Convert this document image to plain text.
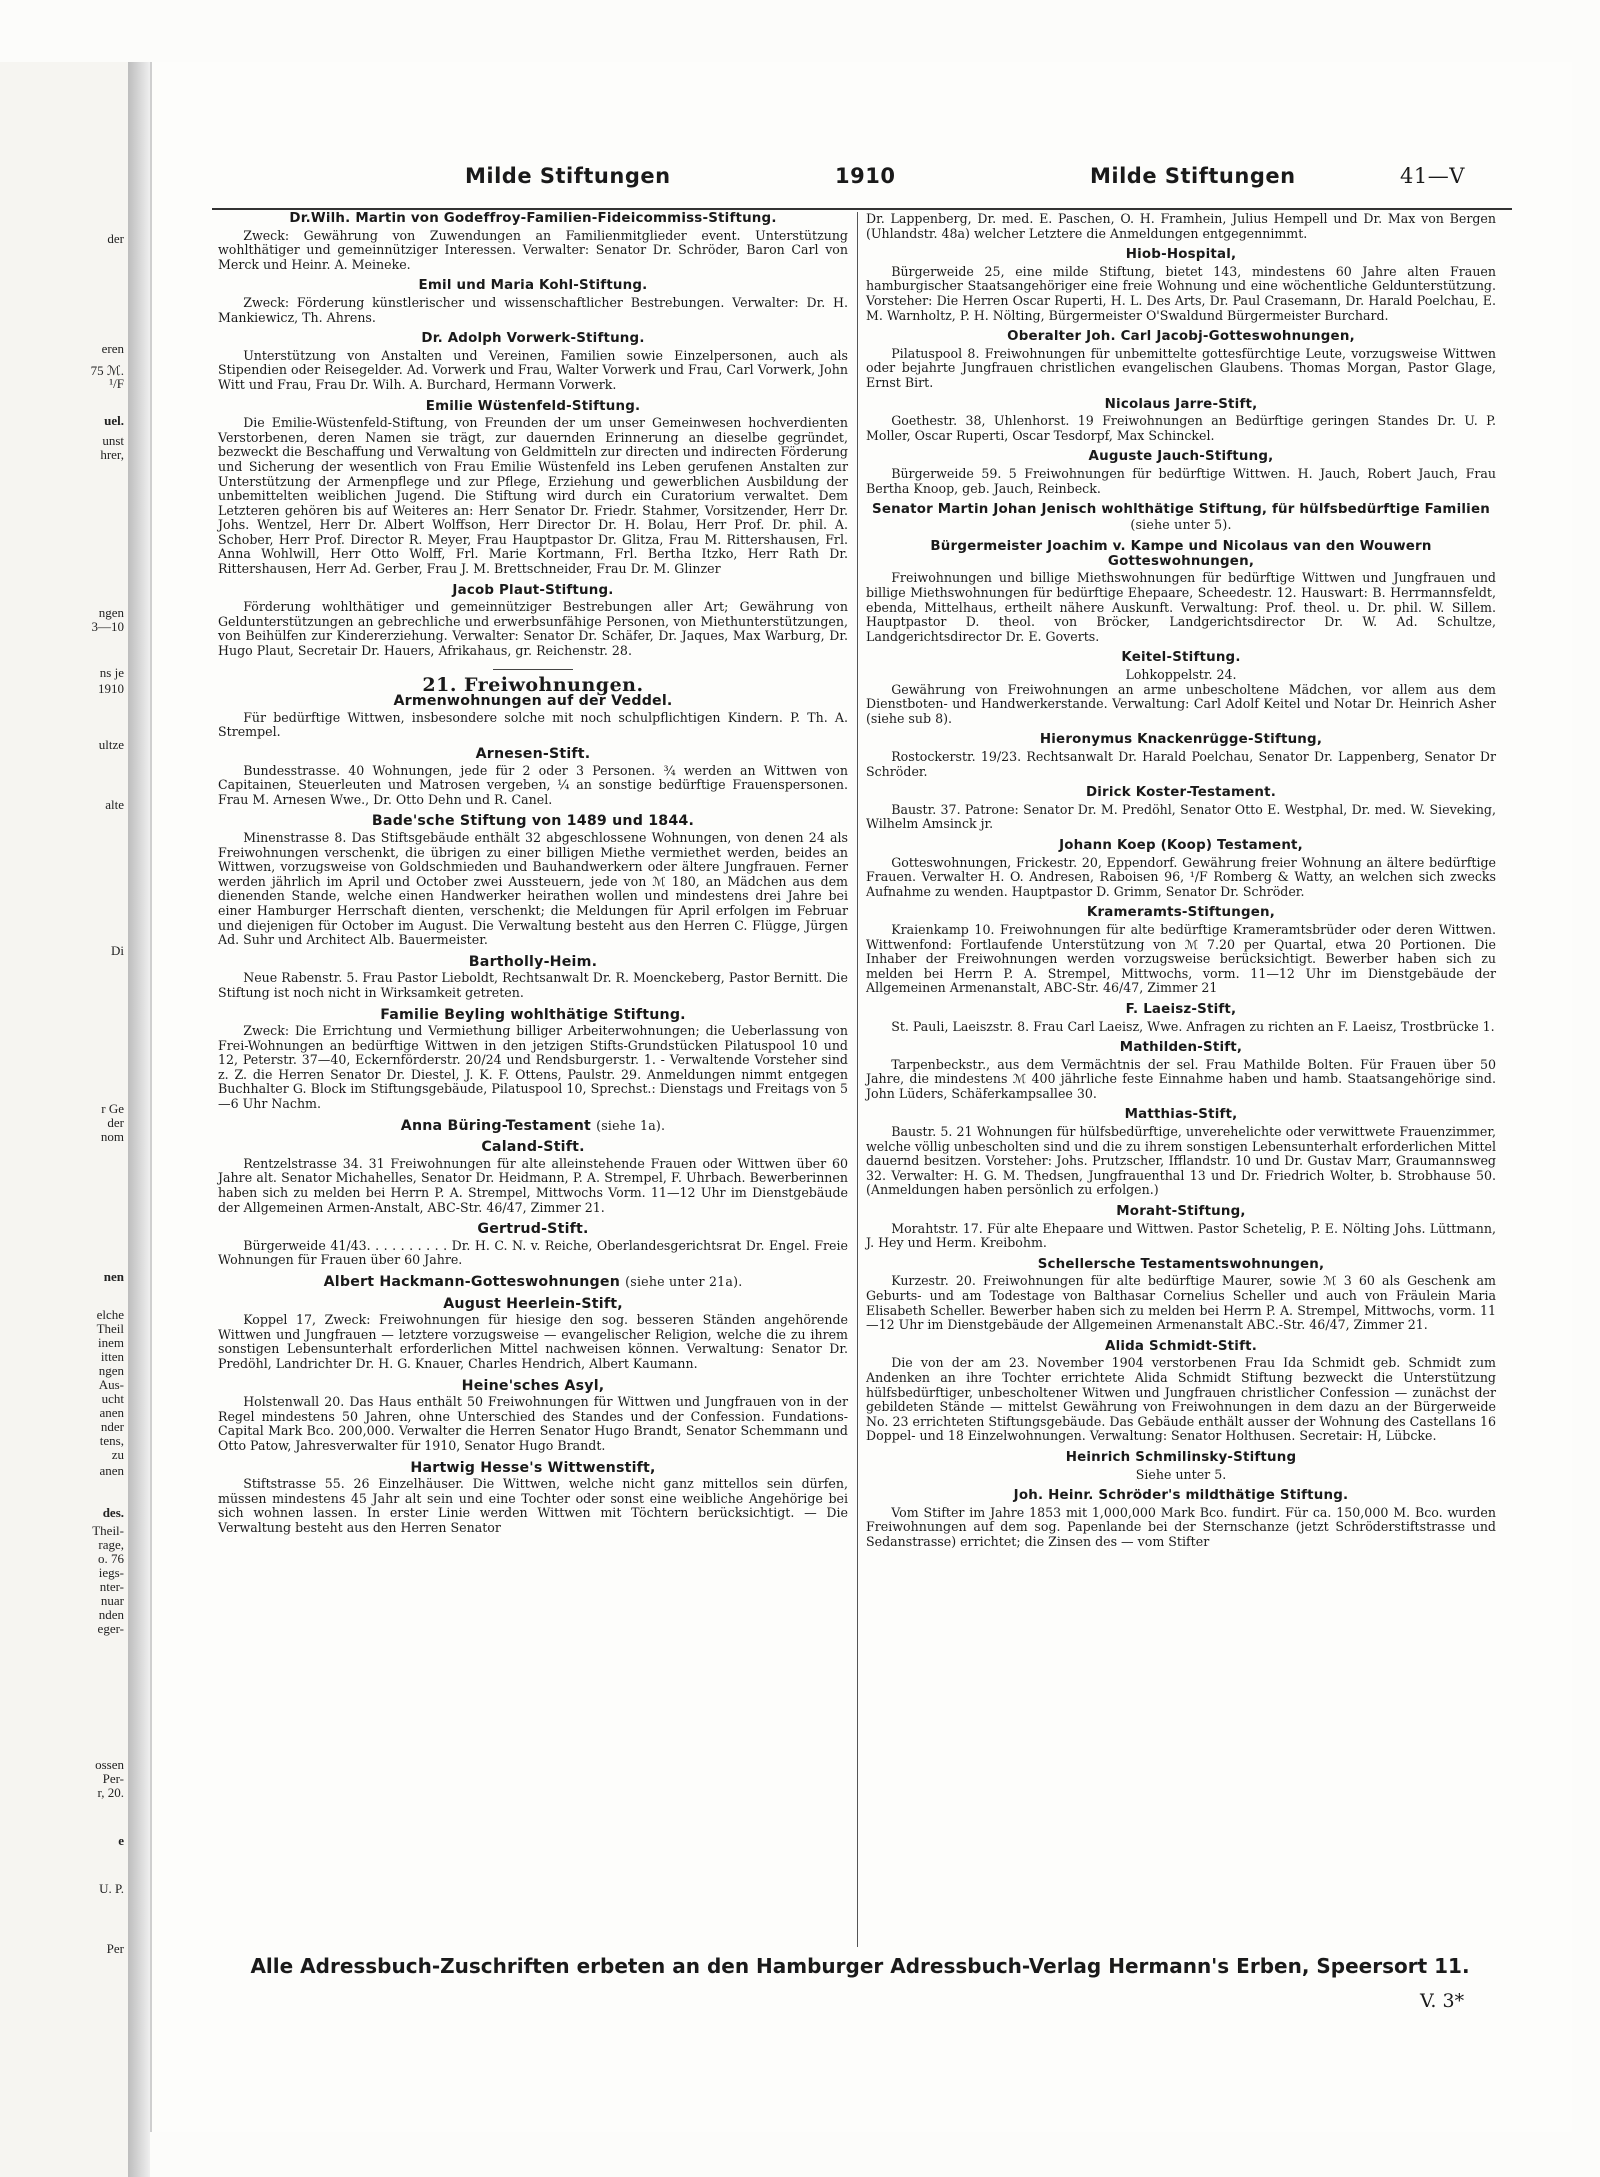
der
eren
75 ℳ.
¹/F
uel.
unst
hrer,
ngen
3—10
ns je
1910
ultze
alte
Di
r Ge
der
nom
nen
elche
Theil
inem
itten
ngen
Aus-
ucht
anen
nder
tens,
zu
anen
des.
Theil-
rage,
o. 76
iegs-
nter-
nuar
nden
eger-
ossen
Per-
r, 20.
e
U. P.
Per
Milde Stiftungen	1910	Milde Stiftungen	41—V
Dr.Wilh. Martin von Godeffroy-Familien-Fideicommiss-Stiftung.

Zweck: Gewährung von Zuwendungen an Familienmitglieder event. Unterstützung wohlthätiger und gemeinnütziger Interessen. Verwalter: Senator Dr. Schröder, Baron Carl von Merck und Heinr. A. Meineke.

Emil und Maria Kohl-Stiftung.

Zweck: Förderung künstlerischer und wissenschaftlicher Bestrebungen. Verwalter: Dr. H. Mankiewicz, Th. Ahrens.

Dr. Adolph Vorwerk-Stiftung.

Unterstützung von Anstalten und Vereinen, Familien sowie Einzelpersonen, auch als Stipendien oder Reisegelder. Ad. Vorwerk und Frau, Walter Vorwerk und Frau, Carl Vorwerk, John Witt und Frau, Frau Dr. Wilh. A. Burchard, Hermann Vorwerk.

Emilie Wüstenfeld-Stiftung.

Die Emilie-Wüstenfeld-Stiftung, von Freunden der um unser Gemeinwesen hochverdienten Verstorbenen, deren Namen sie trägt, zur dauernden Erinnerung an dieselbe gegründet, bezweckt die Beschaffung und Verwaltung von Geldmitteln zur directen und indirecten Förderung und Sicherung der wesentlich von Frau Emilie Wüstenfeld ins Leben gerufenen Anstalten zur Unterstützung der Armenpflege und zur Pflege, Erziehung und gewerblichen Ausbildung der unbemittelten weiblichen Jugend. Die Stiftung wird durch ein Curatorium verwaltet. Dem Letzteren gehören bis auf Weiteres an: Herr Senator Dr. Friedr. Stahmer, Vorsitzender, Herr Dr. Johs. Wentzel, Herr Dr. Albert Wolffson, Herr Director Dr. H. Bolau, Herr Prof. Dr. phil. A. Schober, Herr Prof. Director R. Meyer, Frau Hauptpastor Dr. Glitza, Frau M. Rittershausen, Frl. Anna Wohlwill, Herr Otto Wolff, Frl. Marie Kortmann, Frl. Bertha Itzko, Herr Rath Dr. Rittershausen, Herr Ad. Gerber, Frau J. M. Brettschneider, Frau Dr. M. Glinzer

Jacob Plaut-Stiftung.

Förderung wohlthätiger und gemeinnütziger Bestrebungen aller Art; Gewährung von Geldunterstützungen an gebrechliche und erwerbsunfähige Personen, von Miethunterstützungen, von Beihülfen zur Kindererziehung. Verwalter: Senator Dr. Schäfer, Dr. Jaques, Max Warburg, Dr. Hugo Plaut, Secretair Dr. Hauers, Afrikahaus, gr. Reichenstr. 28.

21. Freiwohnungen.
Armenwohnungen auf der Veddel.

Für bedürftige Wittwen, insbesondere solche mit noch schulpflichtigen Kindern. P. Th. A. Strempel.

Arnesen-Stift.

Bundesstrasse. 40 Wohnungen, jede für 2 oder 3 Personen. ¾ werden an Wittwen von Capitainen, Steuerleuten und Matrosen vergeben, ¼ an sonstige bedürftige Frauenspersonen. Frau M. Arnesen Wwe., Dr. Otto Dehn und R. Canel.

Bade'sche Stiftung von 1489 und 1844.

Minenstrasse 8. Das Stiftsgebäude enthält 32 abgeschlossene Wohnungen, von denen 24 als Freiwohnungen verschenkt, die übrigen zu einer billigen Miethe vermiethet werden, beides an Wittwen, vorzugsweise von Goldschmieden und Bauhandwerkern oder ältere Jungfrauen. Ferner werden jährlich im April und October zwei Aussteuern, jede von ℳ 180, an Mädchen aus dem dienenden Stande, welche einen Handwerker heirathen wollen und mindestens drei Jahre bei einer Hamburger Herrschaft dienten, verschenkt; die Meldungen für April erfolgen im Februar und diejenigen für October im August. Die Verwaltung besteht aus den Herren C. Flügge, Jürgen Ad. Suhr und Architect Alb. Bauermeister.

Bartholly-Heim.

Neue Rabenstr. 5. Frau Pastor Lieboldt, Rechtsanwalt Dr. R. Moenckeberg, Pastor Bernitt. Die Stiftung ist noch nicht in Wirksamkeit getreten.

Familie Beyling wohlthätige Stiftung.

Zweck: Die Errichtung und Vermiethung billiger Arbeiterwohnungen; die Ueberlassung von Frei-Wohnungen an bedürftige Wittwen in den jetzigen Stifts-Grundstücken Pilatuspool 10 und 12, Peterstr. 37—40, Eckernförderstr. 20/24 und Rendsburgerstr. 1. - Verwaltende Vorsteher sind z. Z. die Herren Senator Dr. Diestel, J. K. F. Ottens, Paulstr. 29. Anmeldungen nimmt entgegen Buchhalter G. Block im Stiftungsgebäude, Pilatuspool 10, Sprechst.: Dienstags und Freitags von 5—6 Uhr Nachm.

Anna Büring-Testament (siehe 1a).
Caland-Stift.

Rentzelstrasse 34. 31 Freiwohnungen für alte alleinstehende Frauen oder Wittwen über 60 Jahre alt. Senator Michahelles, Senator Dr. Heidmann, P. A. Strempel, F. Uhrbach. Bewerberinnen haben sich zu melden bei Herrn P. A. Strempel, Mittwochs Vorm. 11—12 Uhr im Dienstgebäude der Allgemeinen Armen-Anstalt, ABC-Str. 46/47, Zimmer 21.

Gertrud-Stift.

Bürgerweide 41/43. . . . . . . . . . Dr. H. C. N. v. Reiche, Oberlandesgerichtsrat Dr. Engel. Freie Wohnungen für Frauen über 60 Jahre.

Albert Hackmann-Gotteswohnungen (siehe unter 21a).
August Heerlein-Stift,

Koppel 17, Zweck: Freiwohnungen für hiesige den sog. besseren Ständen angehörende Wittwen und Jungfrauen — letztere vorzugsweise — evangelischer Religion, welche die zu ihrem sonstigen Lebensunterhalt erforderlichen Mittel nachweisen können. Verwaltung: Senator Dr. Predöhl, Landrichter Dr. H. G. Knauer, Charles Hendrich, Albert Kaumann.

Heine'sches Asyl,

Holstenwall 20. Das Haus enthält 50 Freiwohnungen für Wittwen und Jungfrauen von in der Regel mindestens 50 Jahren, ohne Unterschied des Standes und der Confession. Fundations-Capital Mark Bco. 200,000. Verwalter die Herren Senator Hugo Brandt, Senator Schemmann und Otto Patow, Jahresverwalter für 1910, Senator Hugo Brandt.

Hartwig Hesse's Wittwenstift,

Stiftstrasse 55. 26 Einzelhäuser. Die Wittwen, welche nicht ganz mittellos sein dürfen, müssen mindestens 45 Jahr alt sein und eine Tochter oder sonst eine weibliche Angehörige bei sich wohnen lassen. In erster Linie werden Wittwen mit Töchtern berücksichtigt. — Die Verwaltung besteht aus den Herren Senator

Dr. Lappenberg, Dr. med. E. Paschen, O. H. Framhein, Julius Hempell und Dr. Max von Bergen (Uhlandstr. 48a) welcher Letztere die Anmeldungen entgegennimmt.

Hiob-Hospital,

Bürgerweide 25, eine milde Stiftung, bietet 143, mindestens 60 Jahre alten Frauen hamburgischer Staatsangehöriger eine freie Wohnung und eine wöchentliche Geldunterstützung. Vorsteher: Die Herren Oscar Ruperti, H. L. Des Arts, Dr. Paul Crasemann, Dr. Harald Poelchau, E. M. Warnholtz, P. H. Nölting, Bürgermeister O'Swaldund Bürgermeister Burchard.

Oberalter Joh. Carl Jacobj-Gotteswohnungen,

Pilatuspool 8. Freiwohnungen für unbemittelte gottesfürchtige Leute, vorzugsweise Wittwen oder bejahrte Jungfrauen christlichen evangelischen Glaubens. Thomas Morgan, Pastor Glage, Ernst Birt.

Nicolaus Jarre-Stift,

Goethestr. 38, Uhlenhorst. 19 Freiwohnungen an Bedürftige geringen Standes Dr. U. P. Moller, Oscar Ruperti, Oscar Tesdorpf, Max Schinckel.

Auguste Jauch-Stiftung,

Bürgerweide 59. 5 Freiwohnungen für bedürftige Wittwen. H. Jauch, Robert Jauch, Frau Bertha Knoop, geb. Jauch, Reinbeck.

Senator Martin Johan Jenisch wohlthätige Stiftung, für hülfsbedürftige Familien (siehe unter 5).
Bürgermeister Joachim v. Kampe und Nicolaus van den Wouwern Gotteswohnungen,

Freiwohnungen und billige Miethswohnungen für bedürftige Wittwen und Jungfrauen und billige Miethswohnungen für bedürftige Ehepaare, Scheedestr. 12. Hauswart: B. Herrmannsfeldt, ebenda, Mittelhaus, ertheilt nähere Auskunft. Verwaltung: Prof. theol. u. Dr. phil. W. Sillem. Hauptpastor D. theol. von Bröcker, Landgerichtsdirector Dr. W. Ad. Schultze, Landgerichtsdirector Dr. E. Goverts.

Keitel-Stiftung.

Lohkoppelstr. 24.

Gewährung von Freiwohnungen an arme unbescholtene Mädchen, vor allem aus dem Dienstboten- und Handwerkerstande. Verwaltung: Carl Adolf Keitel und Notar Dr. Heinrich Asher (siehe sub 8).

Hieronymus Knackenrügge-Stiftung,

Rostockerstr. 19/23. Rechtsanwalt Dr. Harald Poelchau, Senator Dr. Lappenberg, Senator Dr Schröder.

Dirick Koster-Testament.

Baustr. 37. Patrone: Senator Dr. M. Predöhl, Senator Otto E. Westphal, Dr. med. W. Sieveking, Wilhelm Amsinck jr.

Johann Koep (Koop) Testament,

Gotteswohnungen, Frickestr. 20, Eppendorf. Gewährung freier Wohnung an ältere bedürftige Frauen. Verwalter H. O. Andresen, Raboisen 96, ¹/F Romberg & Watty, an welchen sich zwecks Aufnahme zu wenden. Hauptpastor D. Grimm, Senator Dr. Schröder.

Krameramts-Stiftungen,

Kraienkamp 10. Freiwohnungen für alte bedürftige Krameramtsbrüder oder deren Wittwen. Wittwenfond: Fortlaufende Unterstützung von ℳ 7.20 per Quartal, etwa 20 Portionen. Die Inhaber der Freiwohnungen werden vorzugsweise berücksichtigt. Bewerber haben sich zu melden bei Herrn P. A. Strempel, Mittwochs, vorm. 11—12 Uhr im Dienstgebäude der Allgemeinen Armenanstalt, ABC-Str. 46/47, Zimmer 21

F. Laeisz-Stift,

St. Pauli, Laeiszstr. 8. Frau Carl Laeisz, Wwe. Anfragen zu richten an F. Laeisz, Trostbrücke 1.

Mathilden-Stift,

Tarpenbeckstr., aus dem Vermächtnis der sel. Frau Mathilde Bolten. Für Frauen über 50 Jahre, die mindestens ℳ 400 jährliche feste Einnahme haben und hamb. Staatsangehörige sind. John Lüders, Schäferkampsallee 30.

Matthias-Stift,

Baustr. 5. 21 Wohnungen für hülfsbedürftige, unverehelichte oder verwittwete Frauenzimmer, welche völlig unbescholten sind und die zu ihrem sonstigen Lebensunterhalt erforderlichen Mittel dauernd besitzen. Vorsteher: Johs. Prutzscher, Ifflandstr. 10 und Dr. Gustav Marr, Graumannsweg 32. Verwalter: H. G. M. Thedsen, Jungfrauenthal 13 und Dr. Friedrich Wolter, b. Strobhause 50. (Anmeldungen haben persönlich zu erfolgen.)

Moraht-Stiftung,

Morahtstr. 17. Für alte Ehepaare und Wittwen. Pastor Schetelig, P. E. Nölting Johs. Lüttmann, J. Hey und Herm. Kreibohm.

Schellersche Testamentswohnungen,

Kurzestr. 20. Freiwohnungen für alte bedürftige Maurer, sowie ℳ 3 60 als Geschenk am Geburts- und am Todestage von Balthasar Cornelius Scheller und auch von Fräulein Maria Elisabeth Scheller. Bewerber haben sich zu melden bei Herrn P. A. Strempel, Mittwochs, vorm. 11—12 Uhr im Dienstgebäude der Allgemeinen Armenanstalt ABC.-Str. 46/47, Zimmer 21.

Alida Schmidt-Stift.

Die von der am 23. November 1904 verstorbenen Frau Ida Schmidt geb. Schmidt zum Andenken an ihre Tochter errichtete Alida Schmidt Stiftung bezweckt die Unterstützung hülfsbedürftiger, unbescholtener Witwen und Jungfrauen christlicher Confession — zunächst der gebildeten Stände — mittelst Gewährung von Freiwohnungen in dem dazu an der Bürgerweide No. 23 errichteten Stiftungsgebäude. Das Gebäude enthält ausser der Wohnung des Castellans 16 Doppel- und 18 Einzelwohnungen. Verwaltung: Senator Holthusen. Secretair: H, Lübcke.

Heinrich Schmilinsky-Stiftung

Siehe unter 5.

Joh. Heinr. Schröder's mildthätige Stiftung.

Vom Stifter im Jahre 1853 mit 1,000,000 Mark Bco. fundirt. Für ca. 150,000 M. Bco. wurden Freiwohnungen auf dem sog. Papenlande bei der Sternschanze (jetzt Schröderstiftstrasse und Sedanstrasse) errichtet; die Zinsen des — vom Stifter

Alle Adressbuch-Zuschriften erbeten an den Hamburger Adressbuch-Verlag Hermann's Erben, Speersort 11.
V. 3*
